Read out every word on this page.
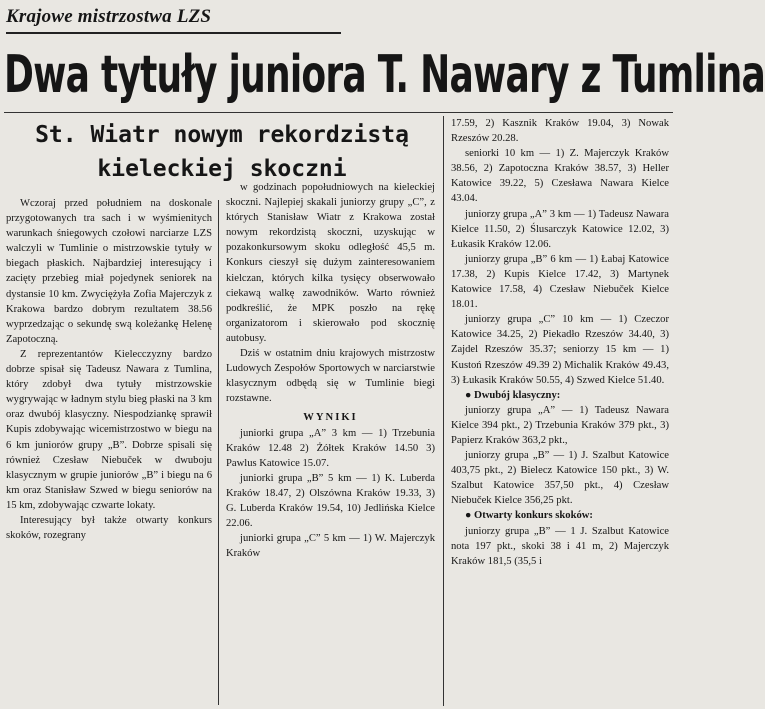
Krajowe mistrzostwa LZS
Dwa tytuły juniora T. Nawary z Tumlina
St. Wiatr nowym rekordzistą
kieleckiej skoczni

Wczoraj przed południem na doskonale przygotowanych tra sach i w wyśmienitych warunkach śniegowych czołowi narciarze LZS walczyli w Tumlinie o mistrzowskie tytuły w biegach płaskich. Najbardziej interesujący i zacięty przebieg miał pojedynek seniorek na dystansie 10 km. Zwyciężyła Zofia Majerczyk z Krakowa bardzo dobrym rezultatem 38.56 wyprzedzając o sekundę swą koleżankę Helenę Zapotoczną.

Z reprezentantów Kielecczyzny bardzo dobrze spisał się Tadeusz Nawara z Tumlina, który zdobył dwa tytuły mistrzowskie wygrywając w ładnym stylu bieg płaski na 3 km oraz dwubój klasyczny. Niespodziankę sprawił Kupis zdobywając wicemistrzostwo w biegu na 6 km juniorów grupy „B”. Dobrze spisali się również Czesław Niebuček w dwuboju klasycznym w grupie juniorów „B” i biegu na 6 km oraz Stanisław Szwed w biegu seniorów na 15 km, zdobywając czwarte lokaty.

Interesujący był także otwarty konkurs skoków, rozegrany

w godzinach popołudniowych na kieleckiej skoczni. Najlepiej skakali juniorzy grupy „C”, z których Stanisław Wiatr z Krakowa został nowym rekordzistą skoczni, uzyskując w pozakonkursowym skoku odległość 45,5 m. Konkurs cieszył się dużym zainteresowaniem kielczan, których kilka tysięcy obserwowało ciekawą walkę zawodników. Warto również podkreślić, że MPK poszło na rękę organizatorom i skierowało pod skocznię autobusy.

Dziś w ostatnim dniu krajowych mistrzostw Ludowych Zespołów Sportowych w narciarstwie klasycznym odbędą się w Tumlinie biegi rozstawne.

WYNIKI

juniorki grupa „A” 3 km — 1) Trzebunia Kraków 12.48 2) Żółtek Kraków 14.50 3) Pawlus Katowice 15.07.

juniorki grupa „B” 5 km — 1) K. Luberda Kraków 18.47, 2) Olszówna Kraków 19.33, 3) G. Luberda Kraków 19.54, 10) Jedlińska Kielce 22.06.

juniorki grupa „C” 5 km — 1) W. Majerczyk Kraków

17.59, 2) Kasznik Kraków 19.04, 3) Nowak Rzeszów 20.28.

seniorki 10 km — 1) Z. Majerczyk Kraków 38.56, 2) Zapotoczna Kraków 38.57, 3) Heller Katowice 39.22, 5) Czesława Nawara Kielce 43.04.

juniorzy grupa „A” 3 km — 1) Tadeusz Nawara Kielce 11.50, 2) Ślusarczyk Katowice 12.02, 3) Łukasik Kraków 12.06.

juniorzy grupa „B” 6 km — 1) Łabaj Katowice 17.38, 2) Kupis Kielce 17.42, 3) Martynek Katowice 17.58, 4) Czesław Niebuček Kielce 18.01.

juniorzy grupa „C” 10 km — 1) Czeczor Katowice 34.25, 2) Piekadło Rzeszów 34.40, 3) Zajdel Rzeszów 35.37; seniorzy 15 km — 1) Kustoń Rzeszów 49.39 2) Michalik Kraków 49.43, 3) Łukasik Kraków 50.55, 4) Szwed Kielce 51.40.

● Dwubój klasyczny:

juniorzy grupa „A” — 1) Tadeusz Nawara Kielce 394 pkt., 2) Trzebunia Kraków 379 pkt., 3) Papierz Kraków 363,2 pkt.,

juniorzy grupa „B” — 1) J. Szalbut Katowice 403,75 pkt., 2) Bielecz Katowice 150 pkt., 3) W. Szalbut Katowice 357,50 pkt., 4) Czesław Niebuček Kielce 356,25 pkt.

● Otwarty konkurs skoków:

juniorzy grupa „B” — 1 J. Szalbut Katowice nota 197 pkt., skoki 38 i 41 m, 2) Majerczyk Kraków 181,5 (35,5 i
